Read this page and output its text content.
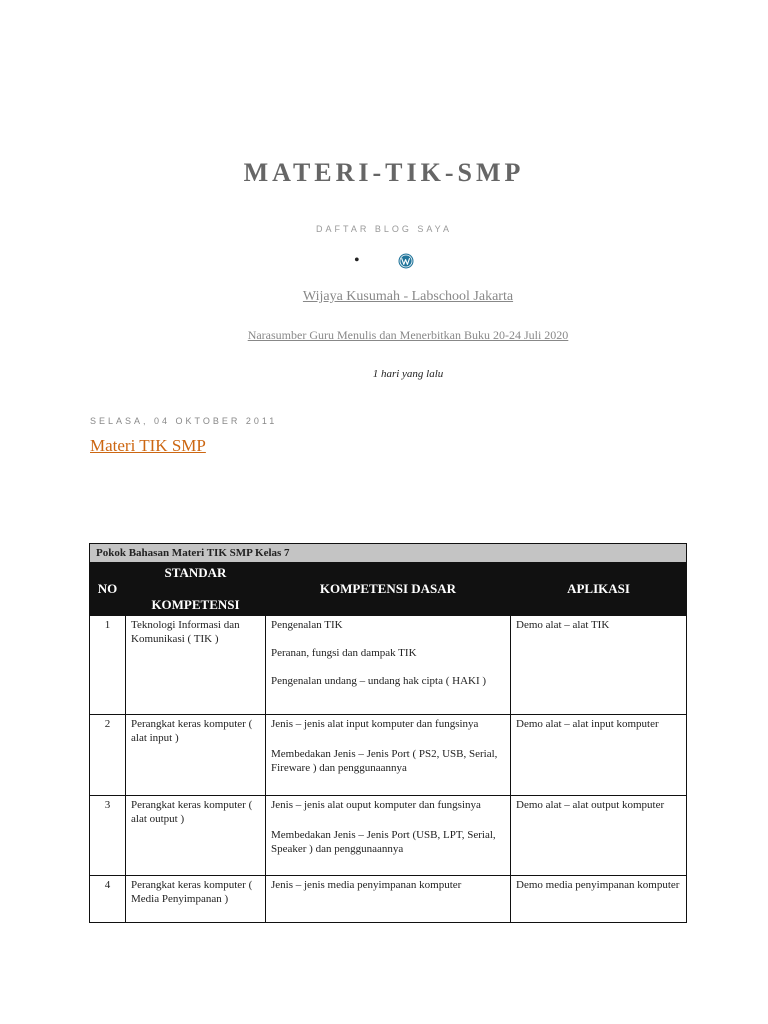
MATERI-TIK-SMP
DAFTAR BLOG SAYA
•
Wijaya Kusumah - Labschool Jakarta
Narasumber Guru Menulis dan Menerbitkan Buku 20-24 Juli 2020
1 hari yang lalu
SELASA, 04 OKTOBER 2011
Materi TIK SMP
Pokok Bahasan Materi TIK SMP Kelas 7			
NO	STANDAR
KOMPETENSI	KOMPETENSI DASAR	APLIKASI
1	Teknologi Informasi dan Komunikasi ( TIK )	Pengenalan TIK
Peranan, fungsi dan dampak TIK
Pengenalan undang – undang hak cipta ( HAKI )	Demo alat – alat TIK
2	Perangkat keras komputer ( alat input )	Jenis – jenis alat input komputer dan fungsinya
Membedakan Jenis – Jenis Port ( PS2, USB, Serial, Fireware ) dan penggunaannya	Demo alat – alat input komputer
3	Perangkat keras komputer ( alat output )	Jenis – jenis alat ouput komputer dan fungsinya
Membedakan Jenis – Jenis Port (USB, LPT, Serial, Speaker ) dan penggunaannya	Demo alat – alat output komputer
4	Perangkat keras komputer ( Media Penyimpanan )	Jenis – jenis media penyimpanan komputer	Demo media penyimpanan komputer
